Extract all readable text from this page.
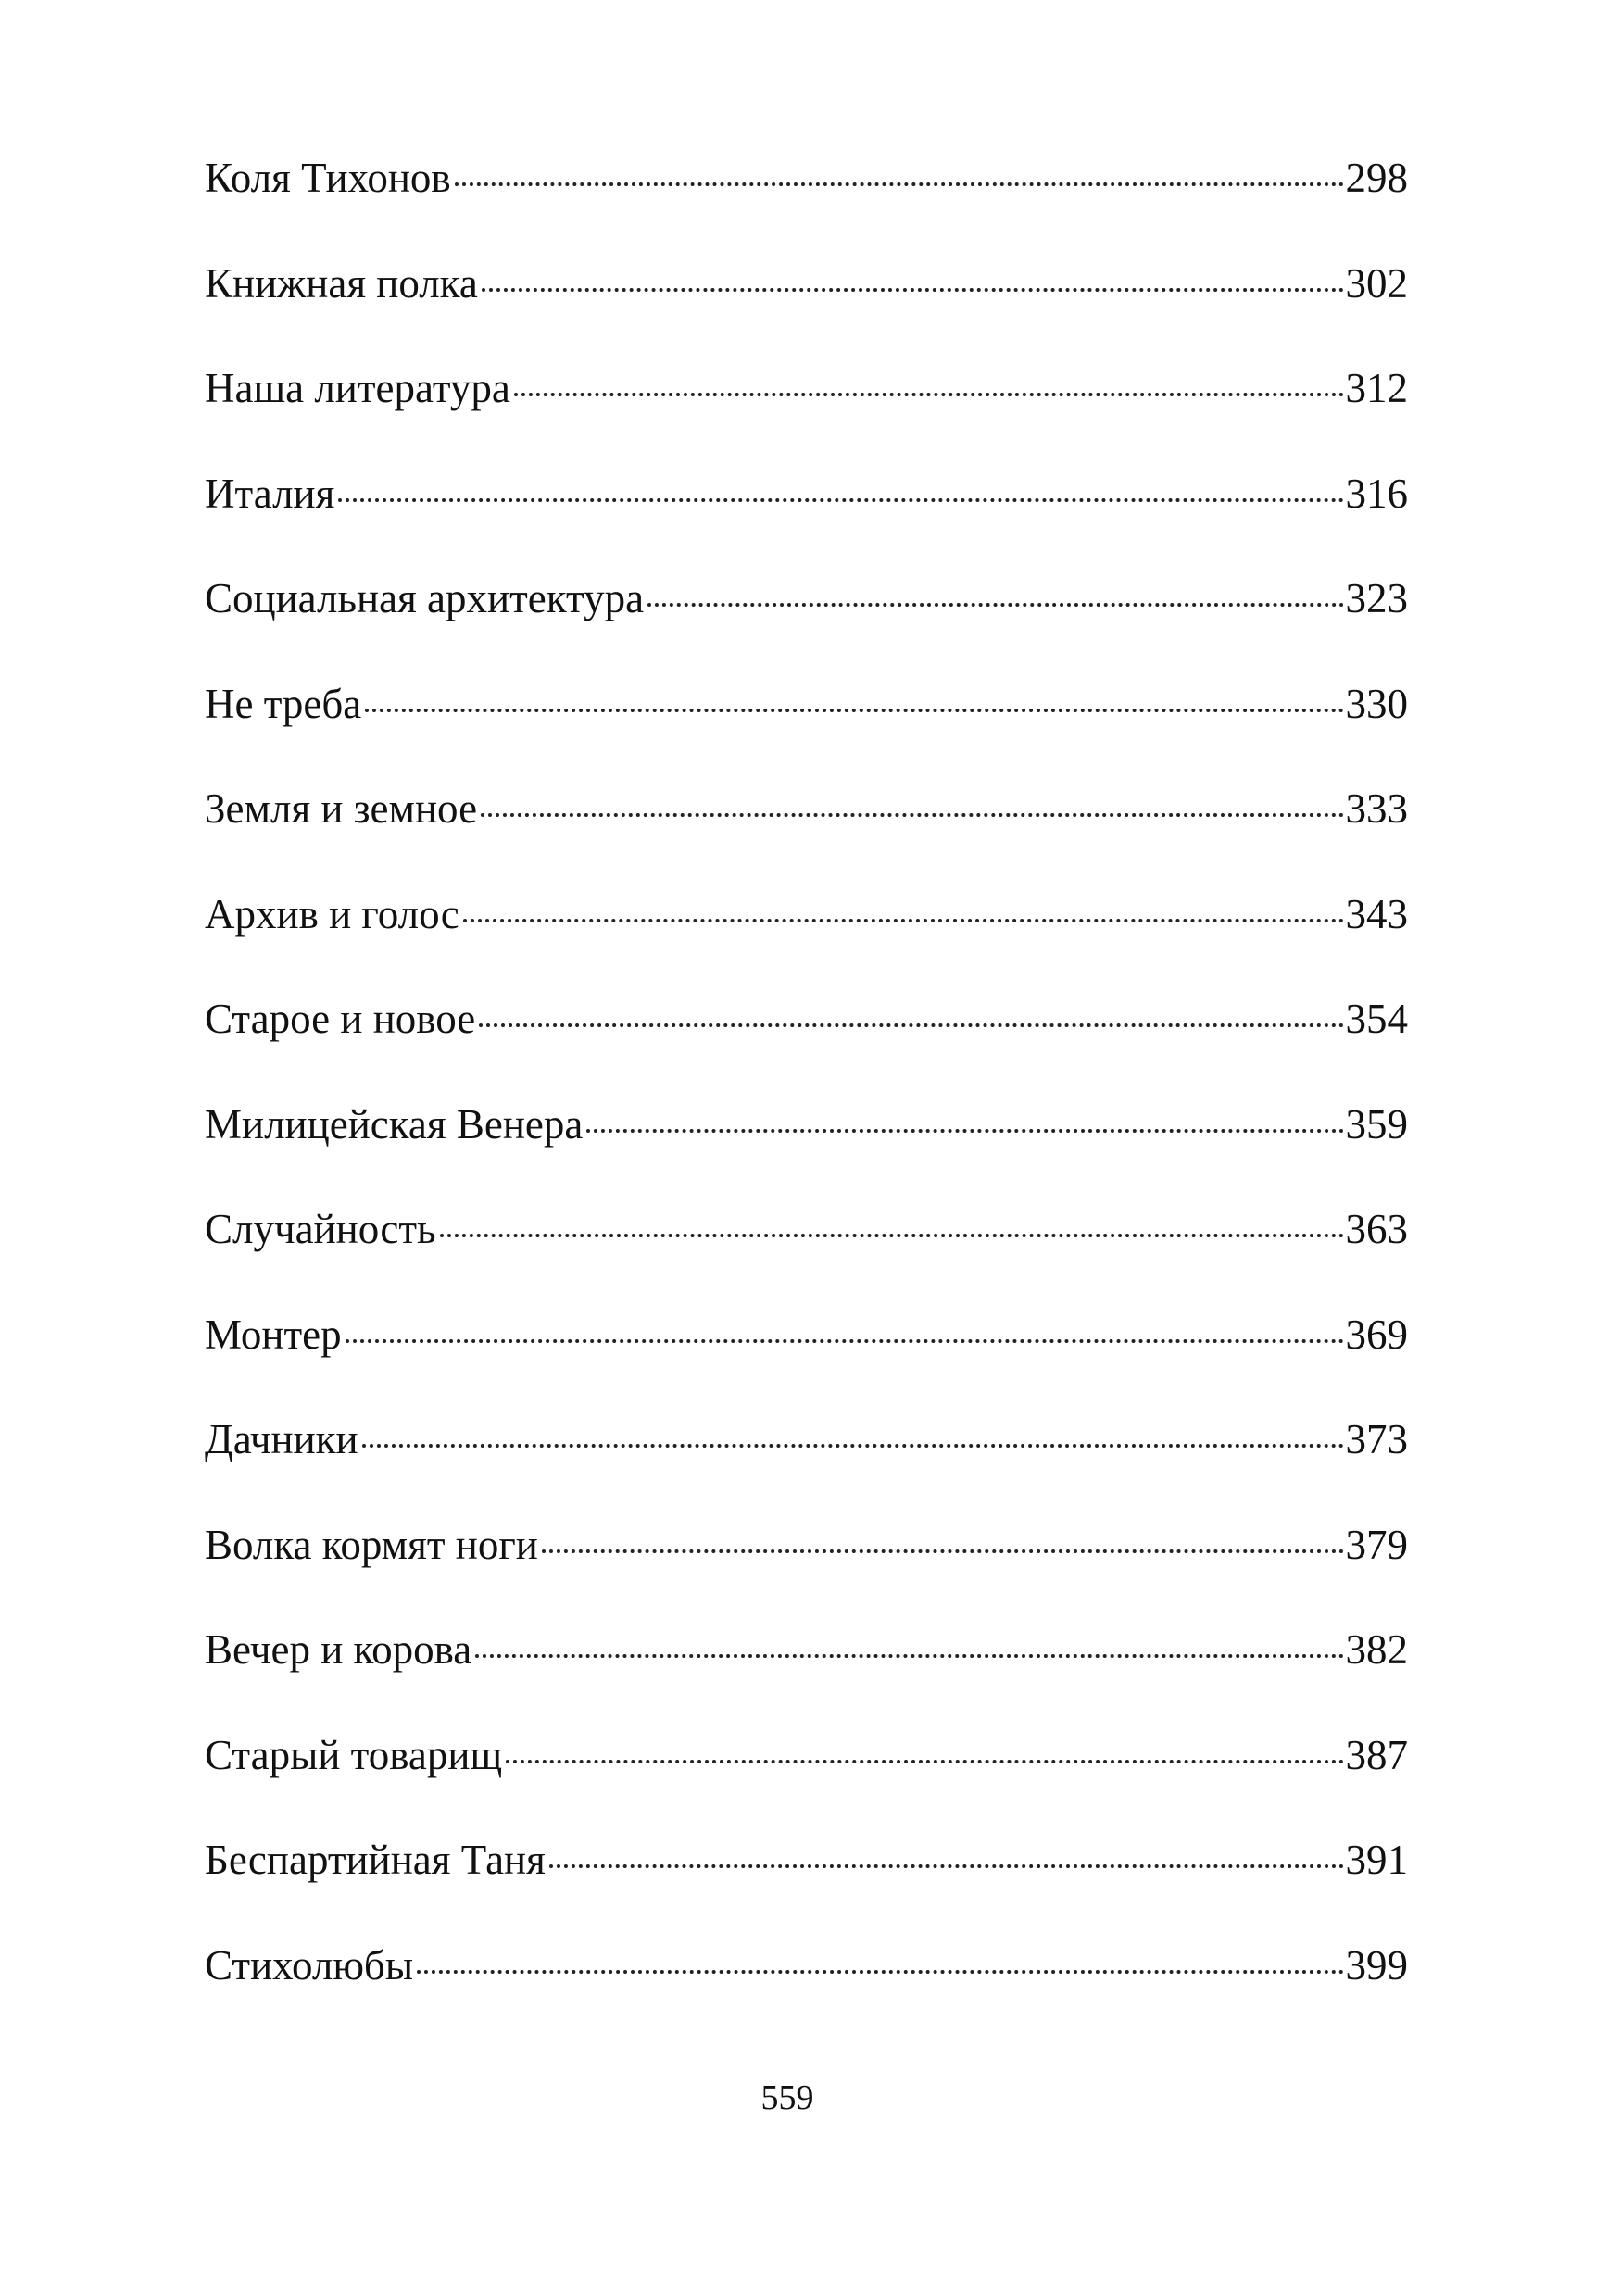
Коля Тихонов	298
Книжная полка	302
Наша литература	312
Италия	316
Социальная архитектура	323
Не треба	330
Земля и земное	333
Архив и голос	343
Старое и новое	354
Милицейская Венера	359
Случайность	363
Монтер	369
Дачники	373
Волка кормят ноги	379
Вечер и корова	382
Старый товарищ	387
Беспартийная Таня	391
Стихолюбы	399
559
